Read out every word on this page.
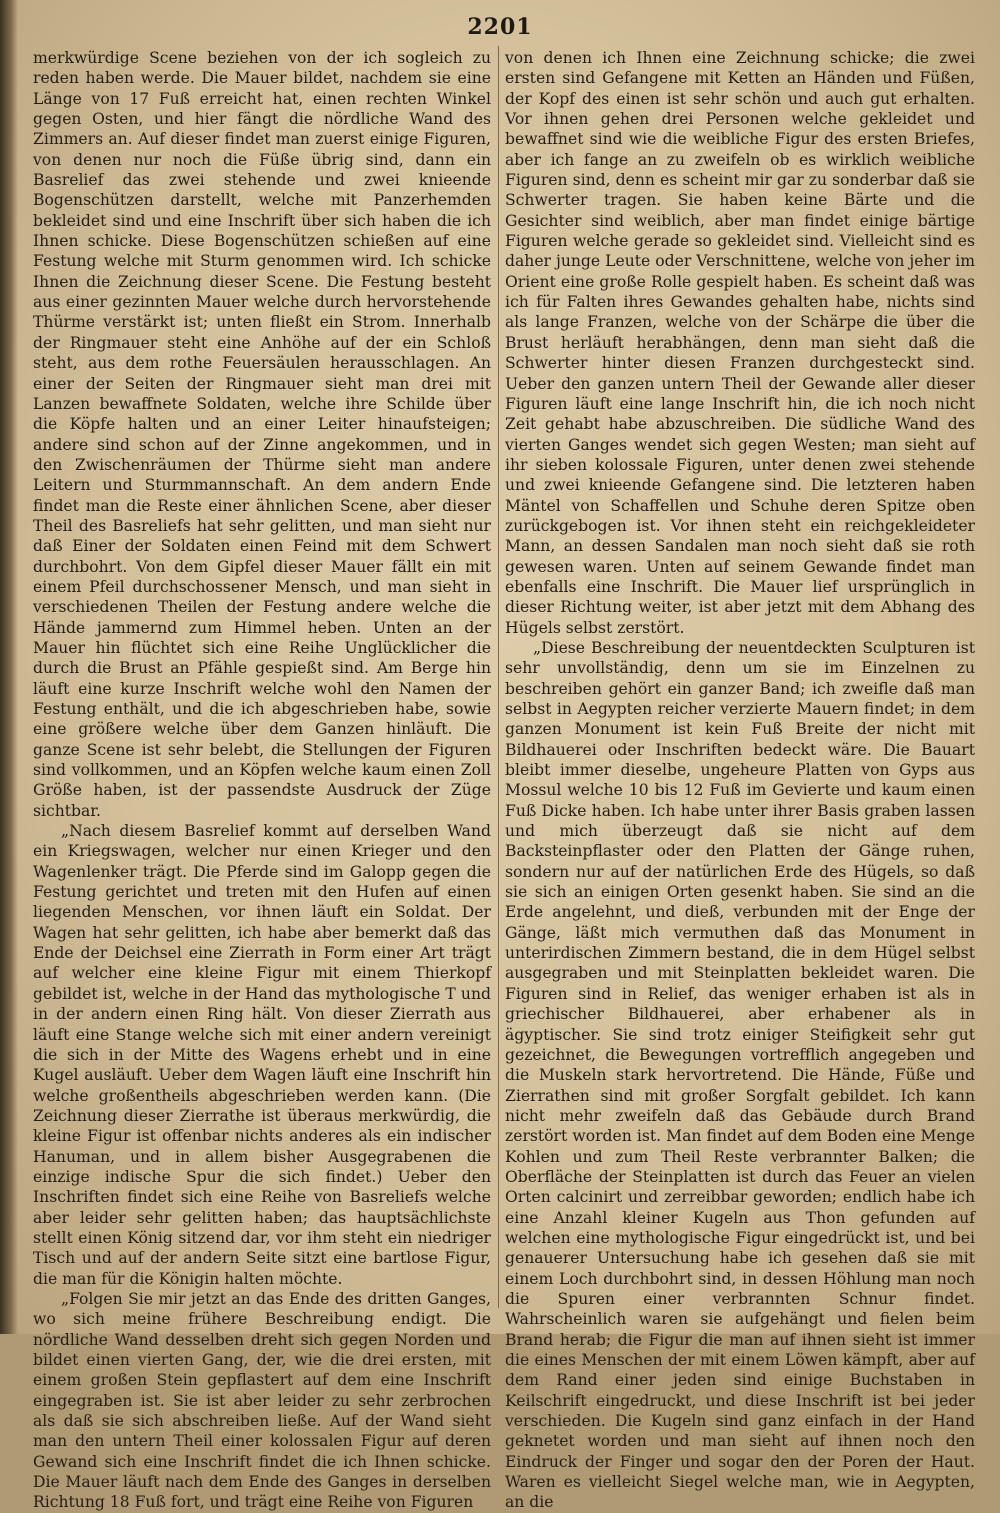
2201

merkwürdige Scene beziehen von der ich sogleich zu reden haben werde. Die Mauer bildet, nachdem sie eine Länge von 17 Fuß erreicht hat, einen rechten Winkel gegen Osten, und hier fängt die nördliche Wand des Zimmers an. Auf dieser findet man zuerst einige Figuren, von denen nur noch die Füße übrig sind, dann ein Basrelief das zwei stehende und zwei knieende Bogenschützen darstellt, welche mit Panzerhemden bekleidet sind und eine Inschrift über sich haben die ich Ihnen schicke. Diese Bogenschützen schießen auf eine Festung welche mit Sturm genommen wird. Ich schicke Ihnen die Zeichnung dieser Scene. Die Festung besteht aus einer gezinnten Mauer welche durch hervorstehende Thürme verstärkt ist; unten fließt ein Strom. Innerhalb der Ringmauer steht eine Anhöhe auf der ein Schloß steht, aus dem rothe Feuersäulen herausschlagen. An einer der Seiten der Ringmauer sieht man drei mit Lanzen bewaffnete Soldaten, welche ihre Schilde über die Köpfe halten und an einer Leiter hinaufsteigen; andere sind schon auf der Zinne angekommen, und in den Zwischenräumen der Thürme sieht man andere Leitern und Sturmmannschaft. An dem andern Ende findet man die Reste einer ähnlichen Scene, aber dieser Theil des Basreliefs hat sehr gelitten, und man sieht nur daß Einer der Soldaten einen Feind mit dem Schwert durchbohrt. Von dem Gipfel dieser Mauer fällt ein mit einem Pfeil durchschossener Mensch, und man sieht in verschiedenen Theilen der Festung andere welche die Hände jammernd zum Himmel heben. Unten an der Mauer hin flüchtet sich eine Reihe Unglücklicher die durch die Brust an Pfähle gespießt sind. Am Berge hin läuft eine kurze Inschrift welche wohl den Namen der Festung enthält, und die ich abgeschrieben habe, sowie eine größere welche über dem Ganzen hinläuft. Die ganze Scene ist sehr belebt, die Stellungen der Figuren sind vollkommen, und an Köpfen welche kaum einen Zoll Größe haben, ist der passendste Ausdruck der Züge sichtbar.

„Nach diesem Basrelief kommt auf derselben Wand ein Kriegswagen, welcher nur einen Krieger und den Wagenlenker trägt. Die Pferde sind im Galopp gegen die Festung gerichtet und treten mit den Hufen auf einen liegenden Menschen, vor ihnen läuft ein Soldat. Der Wagen hat sehr gelitten, ich habe aber bemerkt daß das Ende der Deichsel eine Zierrath in Form einer Art trägt auf welcher eine kleine Figur mit einem Thierkopf gebildet ist, welche in der Hand das mythologische T und in der andern einen Ring hält. Von dieser Zierrath aus läuft eine Stange welche sich mit einer andern vereinigt die sich in der Mitte des Wagens erhebt und in eine Kugel ausläuft. Ueber dem Wagen läuft eine Inschrift hin welche großentheils abgeschrieben werden kann. (Die Zeichnung dieser Zierrathe ist überaus merkwürdig, die kleine Figur ist offenbar nichts anderes als ein indischer Hanuman, und in allem bisher Ausgegrabenen die einzige indische Spur die sich findet.) Ueber den Inschriften findet sich eine Reihe von Basreliefs welche aber leider sehr gelitten haben; das hauptsächlichste stellt einen König sitzend dar, vor ihm steht ein niedriger Tisch und auf der andern Seite sitzt eine bartlose Figur, die man für die Königin halten möchte.

„Folgen Sie mir jetzt an das Ende des dritten Ganges, wo sich meine frühere Beschreibung endigt. Die nördliche Wand desselben dreht sich gegen Norden und bildet einen vierten Gang, der, wie die drei ersten, mit einem großen Stein gepflastert auf dem eine Inschrift eingegraben ist. Sie ist aber leider zu sehr zerbrochen als daß sie sich abschreiben ließe. Auf der Wand sieht man den untern Theil einer kolossalen Figur auf deren Gewand sich eine Inschrift findet die ich Ihnen schicke. Die Mauer läuft nach dem Ende des Ganges in derselben Richtung 18 Fuß fort, und trägt eine Reihe von Figuren

von denen ich Ihnen eine Zeichnung schicke; die zwei ersten sind Gefangene mit Ketten an Händen und Füßen, der Kopf des einen ist sehr schön und auch gut erhalten. Vor ihnen gehen drei Personen welche gekleidet und bewaffnet sind wie die weibliche Figur des ersten Briefes, aber ich fange an zu zweifeln ob es wirklich weibliche Figuren sind, denn es scheint mir gar zu sonderbar daß sie Schwerter tragen. Sie haben keine Bärte und die Gesichter sind weiblich, aber man findet einige bärtige Figuren welche gerade so gekleidet sind. Vielleicht sind es daher junge Leute oder Verschnittene, welche von jeher im Orient eine große Rolle gespielt haben. Es scheint daß was ich für Falten ihres Gewandes gehalten habe, nichts sind als lange Franzen, welche von der Schärpe die über die Brust herläuft herabhängen, denn man sieht daß die Schwerter hinter diesen Franzen durchgesteckt sind. Ueber den ganzen untern Theil der Gewande aller dieser Figuren läuft eine lange Inschrift hin, die ich noch nicht Zeit gehabt habe abzuschreiben. Die südliche Wand des vierten Ganges wendet sich gegen Westen; man sieht auf ihr sieben kolossale Figuren, unter denen zwei stehende und zwei knieende Gefangene sind. Die letzteren haben Mäntel von Schaffellen und Schuhe deren Spitze oben zurückgebogen ist. Vor ihnen steht ein reichgekleideter Mann, an dessen Sandalen man noch sieht daß sie roth gewesen waren. Unten auf seinem Gewande findet man ebenfalls eine Inschrift. Die Mauer lief ursprünglich in dieser Richtung weiter, ist aber jetzt mit dem Abhang des Hügels selbst zerstört.

„Diese Beschreibung der neuentdeckten Sculpturen ist sehr unvollständig, denn um sie im Einzelnen zu beschreiben gehört ein ganzer Band; ich zweifle daß man selbst in Aegypten reicher verzierte Mauern findet; in dem ganzen Monument ist kein Fuß Breite der nicht mit Bildhauerei oder Inschriften bedeckt wäre. Die Bauart bleibt immer dieselbe, ungeheure Platten von Gyps aus Mossul welche 10 bis 12 Fuß im Gevierte und kaum einen Fuß Dicke haben. Ich habe unter ihrer Basis graben lassen und mich überzeugt daß sie nicht auf dem Backsteinpflaster oder den Platten der Gänge ruhen, sondern nur auf der natürlichen Erde des Hügels, so daß sie sich an einigen Orten gesenkt haben. Sie sind an die Erde angelehnt, und dieß, verbunden mit der Enge der Gänge, läßt mich vermuthen daß das Monument in unterirdischen Zimmern bestand, die in dem Hügel selbst ausgegraben und mit Steinplatten bekleidet waren. Die Figuren sind in Relief, das weniger erhaben ist als in griechischer Bildhauerei, aber erhabener als in ägyptischer. Sie sind trotz einiger Steifigkeit sehr gut gezeichnet, die Bewegungen vortrefflich angegeben und die Muskeln stark hervortretend. Die Hände, Füße und Zierrathen sind mit großer Sorgfalt gebildet. Ich kann nicht mehr zweifeln daß das Gebäude durch Brand zerstört worden ist. Man findet auf dem Boden eine Menge Kohlen und zum Theil Reste verbrannter Balken; die Oberfläche der Steinplatten ist durch das Feuer an vielen Orten calcinirt und zerreibbar geworden; endlich habe ich eine Anzahl kleiner Kugeln aus Thon gefunden auf welchen eine mythologische Figur eingedrückt ist, und bei genauerer Untersuchung habe ich gesehen daß sie mit einem Loch durchbohrt sind, in dessen Höhlung man noch die Spuren einer verbrannten Schnur findet. Wahrscheinlich waren sie aufgehängt und fielen beim Brand herab; die Figur die man auf ihnen sieht ist immer die eines Menschen der mit einem Löwen kämpft, aber auf dem Rand einer jeden sind einige Buchstaben in Keilschrift eingedruckt, und diese Inschrift ist bei jeder verschieden. Die Kugeln sind ganz einfach in der Hand geknetet worden und man sieht auf ihnen noch den Eindruck der Finger und sogar den der Poren der Haut. Waren es vielleicht Siegel welche man, wie in Aegypten, an die
